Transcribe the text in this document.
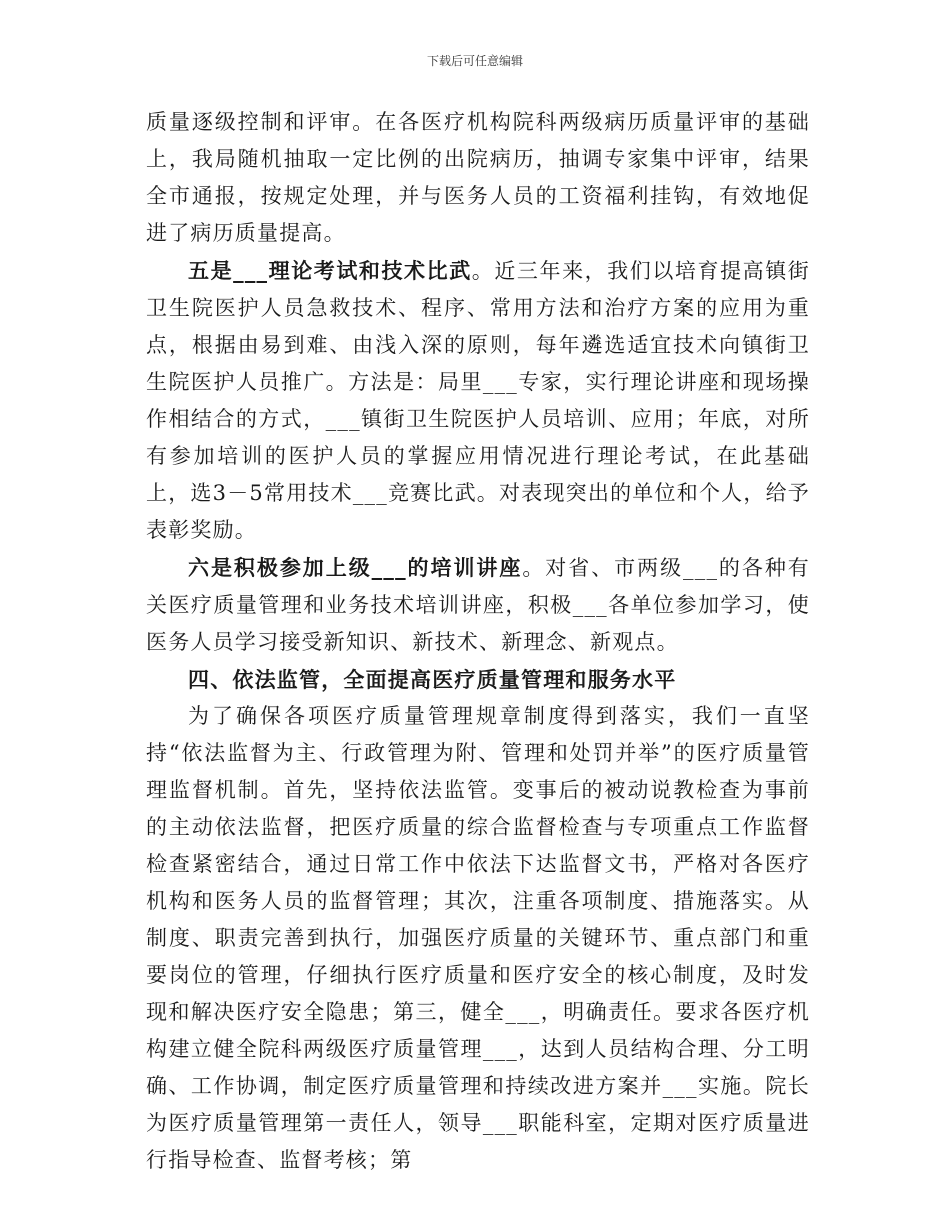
下载后可任意编辑

质量逐级控制和评审。在各医疗机构院科两级病历质量评审的基础上，我局随机抽取一定比例的出院病历，抽调专家集中评审，结果全市通报，按规定处理，并与医务人员的工资福利挂钩，有效地促进了病历质量提高。

五是___理论考试和技术比武。近三年来，我们以培育提高镇街卫生院医护人员急救技术、程序、常用方法和治疗方案的应用为重点，根据由易到难、由浅入深的原则，每年遴选适宜技术向镇街卫生院医护人员推广。方法是：局里___专家，实行理论讲座和现场操作相结合的方式，___镇街卫生院医护人员培训、应用；年底，对所有参加培训的医护人员的掌握应用情况进行理论考试，在此基础上，选3－5常用技术___竞赛比武。对表现突出的单位和个人，给予表彰奖励。

六是积极参加上级___的培训讲座。对省、市两级___的各种有关医疗质量管理和业务技术培训讲座，积极___各单位参加学习，使医务人员学习接受新知识、新技术、新理念、新观点。

四、依法监管，全面提高医疗质量管理和服务水平

为了确保各项医疗质量管理规章制度得到落实，我们一直坚持“依法监督为主、行政管理为附、管理和处罚并举”的医疗质量管理监督机制。首先，坚持依法监管。变事后的被动说教检查为事前的主动依法监督，把医疗质量的综合监督检查与专项重点工作监督检查紧密结合，通过日常工作中依法下达监督文书，严格对各医疗机构和医务人员的监督管理；其次，注重各项制度、措施落实。从制度、职责完善到执行，加强医疗质量的关键环节、重点部门和重要岗位的管理，仔细执行医疗质量和医疗安全的核心制度，及时发现和解决医疗安全隐患；第三，健全___，明确责任。要求各医疗机构建立健全院科两级医疗质量管理___，达到人员结构合理、分工明确、工作协调，制定医疗质量管理和持续改进方案并___实施。院长为医疗质量管理第一责任人，领导___职能科室，定期对医疗质量进行指导检查、监督考核；第
